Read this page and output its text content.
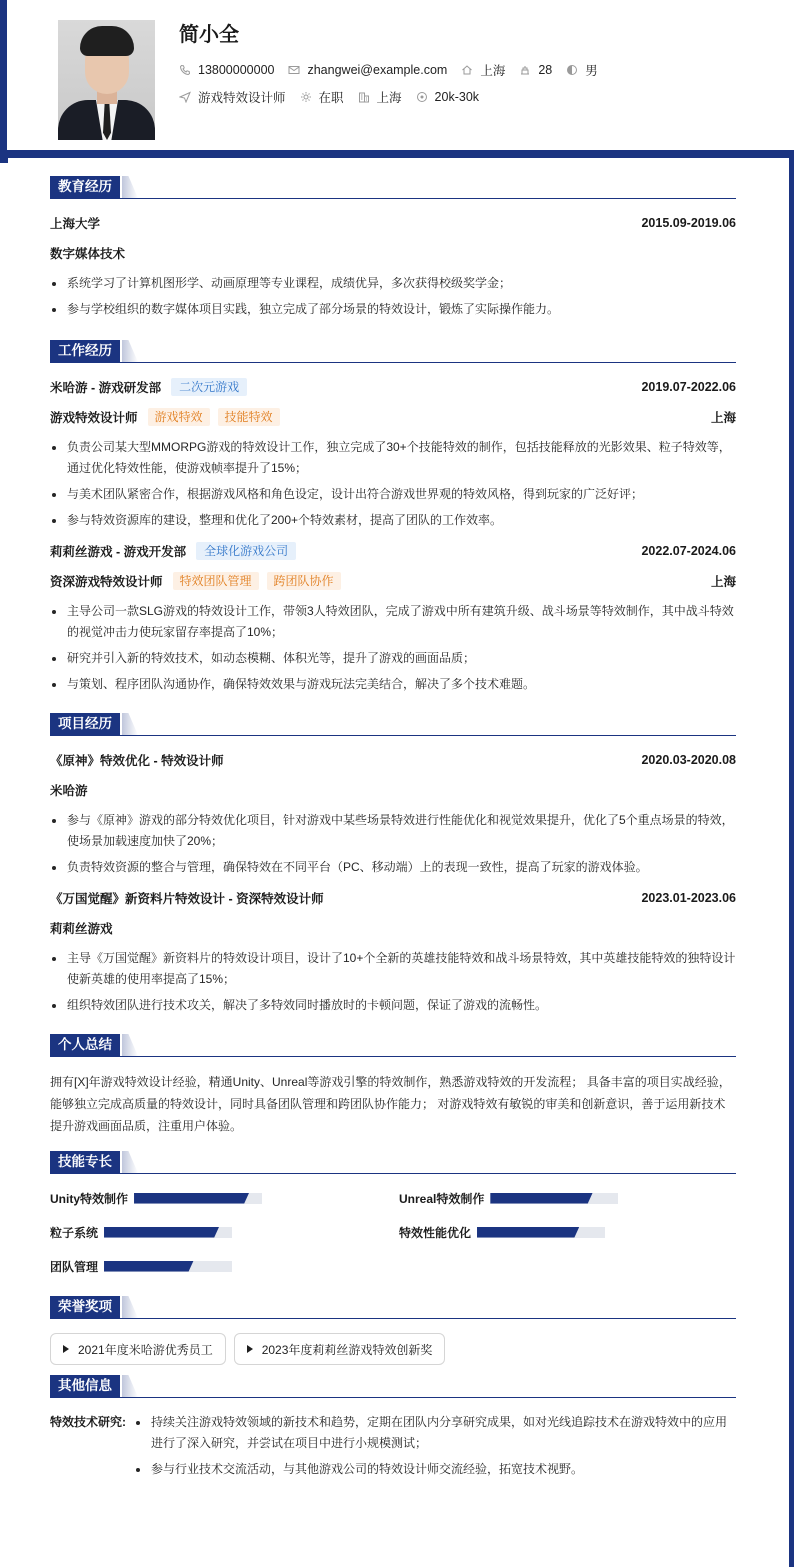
简小全
13800000000	zhangwei@example.com	上海	28	男
游戏特效设计师	在职	上海	20k-30k
教育经历
上海大学	2015.09-2019.06
数字媒体技术
系统学习了计算机图形学、动画原理等专业课程，成绩优异，多次获得校级奖学金；
参与学校组织的数字媒体项目实践，独立完成了部分场景的特效设计，锻炼了实际操作能力。
工作经历
米哈游 - 游戏研发部	二次元游戏	2019.07-2022.06
游戏特效设计师	游戏特效	技能特效	上海
负责公司某大型MMORPG游戏的特效设计工作，独立完成了30+个技能特效的制作，包括技能释放的光影效果、粒子特效等，通过优化特效性能，使游戏帧率提升了15%；
与美术团队紧密合作，根据游戏风格和角色设定，设计出符合游戏世界观的特效风格，得到玩家的广泛好评；
参与特效资源库的建设，整理和优化了200+个特效素材，提高了团队的工作效率。
莉莉丝游戏 - 游戏开发部	全球化游戏公司	2022.07-2024.06
资深游戏特效设计师	特效团队管理	跨团队协作	上海
主导公司一款SLG游戏的特效设计工作，带领3人特效团队，完成了游戏中所有建筑升级、战斗场景等特效制作，其中战斗特效的视觉冲击力使玩家留存率提高了10%；
研究并引入新的特效技术，如动态模糊、体积光等，提升了游戏的画面品质；
与策划、程序团队沟通协作，确保特效效果与游戏玩法完美结合，解决了多个技术难题。
项目经历
《原神》特效优化 - 特效设计师	2020.03-2020.08
米哈游
参与《原神》游戏的部分特效优化项目，针对游戏中某些场景特效进行性能优化和视觉效果提升，优化了5个重点场景的特效，使场景加载速度加快了20%；
负责特效资源的整合与管理，确保特效在不同平台（PC、移动端）上的表现一致性，提高了玩家的游戏体验。
《万国觉醒》新资料片特效设计 - 资深特效设计师	2023.01-2023.06
莉莉丝游戏
主导《万国觉醒》新资料片的特效设计项目，设计了10+个全新的英雄技能特效和战斗场景特效，其中英雄技能特效的独特设计使新英雄的使用率提高了15%；
组织特效团队进行技术攻关，解决了多特效同时播放时的卡顿问题，保证了游戏的流畅性。
个人总结
拥有[X]年游戏特效设计经验，精通Unity、Unreal等游戏引擎的特效制作，熟悉游戏特效的开发流程； 具备丰富的项目实战经验，能够独立完成高质量的特效设计，同时具备团队管理和跨团队协作能力； 对游戏特效有敏锐的审美和创新意识，善于运用新技术提升游戏画面品质，注重用户体验。
技能专长
Unity特效制作	Unreal特效制作
粒子系统	特效性能优化
团队管理
荣誉奖项
2021年度米哈游优秀员工	2023年度莉莉丝游戏特效创新奖
其他信息
特效技术研究:	持续关注游戏特效领域的新技术和趋势，定期在团队内分享研究成果，如对光线追踪技术在游戏特效中的应用进行了深入研究，并尝试在项目中进行小规模测试；
参与行业技术交流活动，与其他游戏公司的特效设计师交流经验，拓宽技术视野。
